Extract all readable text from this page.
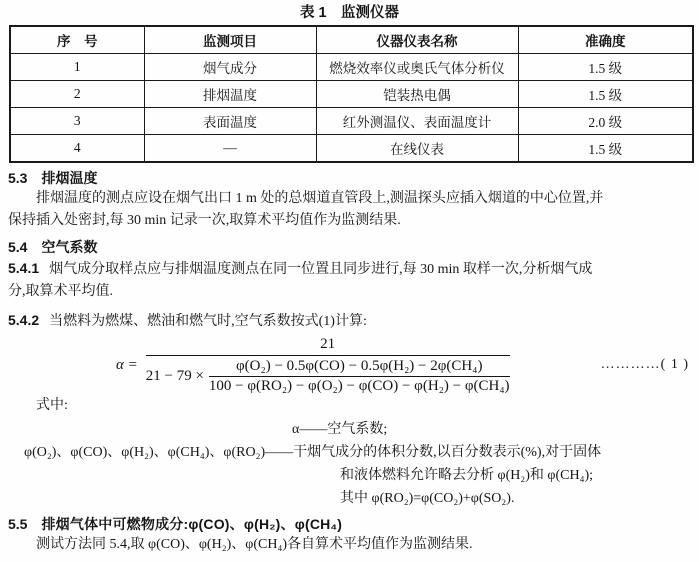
表 1　监测仪器
序　号	监测项目	仪器仪表名称	准确度
1	烟气成分	燃烧效率仪或奥氏气体分析仪	1.5 级
2	排烟温度	铠装热电偶	1.5 级
3	表面温度	红外测温仪、表面温度计	2.0 级
4	—	在线仪表	1.5 级
5.3 排烟温度
排烟温度的测点应设在烟气出口 1 m 处的总烟道直管段上,测温探头应插入烟道的中心位置,并
保持插入处密封,每 30 min 记录一次,取算术平均值作为监测结果.
5.4 空气系数
5.4.1 烟气成分取样点应与排烟温度测点在同一位置且同步进行,每 30 min 取样一次,分析烟气成
分,取算术平均值.
5.4.2 当燃料为燃煤、燃油和燃气时,空气系数按式(1)计算:
α =
21
$21 - 79 \times \frac{\text{φ(O₂) − 0.5φ(CO) − 0.5φ(H₂) − 2φ(CH₄)}}{\text{100 − φ(RO₂) − φ(O₂) − φ(CO) − φ(H₂) − φ(CH₄)}}$	…………( 1 )
式中:
α——空气系数;
φ(O₂)、φ(CO)、φ(H₂)、φ(CH₄)、φ(RO₂)——干烟气成分的体积分数,以百分数表示(%),对于固体
和液体燃料允许略去分析 φ(H₂)和 φ(CH₄);
其中 φ(RO₂)=φ(CO₂)+φ(SO₂).
5.5 排烟气体中可燃物成分:φ(CO)、φ(H₂)、φ(CH₄)
测试方法同 5.4,取 φ(CO)、φ(H₂)、φ(CH₄)各自算术平均值作为监测结果.
